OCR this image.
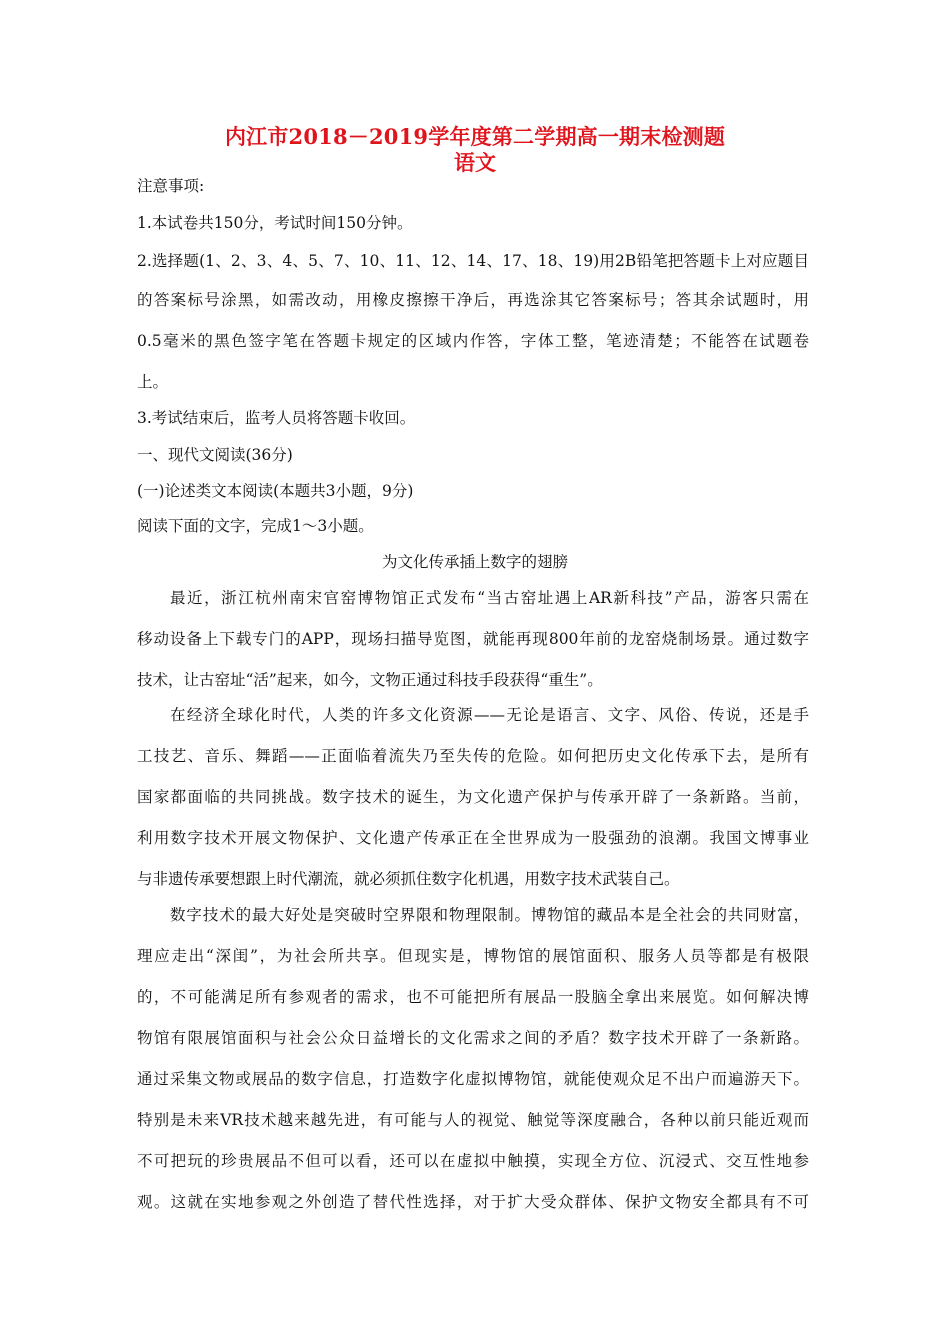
内江市2018－2019学年度第二学期高一期末检测题
语文
注意事项:
1.本试卷共150分，考试时间150分钟。
2.选择题(1、2、3、4、5、7、10、11、12、14、17、18、19)用2B铅笔把答题卡上对应题目
的答案标号涂黑，如需改动，用橡皮擦擦干净后，再选涂其它答案标号；答其余试题时，用
0.5毫米的黑色签字笔在答题卡规定的区域内作答，字体工整，笔迹清楚；不能答在试题卷
上。
3.考试结束后，监考人员将答题卡收回。
一、现代文阅读(36分)
(一)论述类文本阅读(本题共3小题，9分)
阅读下面的文字，完成1～3小题。
为文化传承插上数字的翅膀
最近，浙江杭州南宋官窑博物馆正式发布“当古窑址遇上AR新科技”产品，游客只需在
移动设备上下载专门的APP，现场扫描导览图，就能再现800年前的龙窑烧制场景。通过数字
技术，让古窑址“活”起来，如今，文物正通过科技手段获得“重生”。
在经济全球化时代，人类的许多文化资源——无论是语言、文字、风俗、传说，还是手
工技艺、音乐、舞蹈——正面临着流失乃至失传的危险。如何把历史文化传承下去，是所有
国家都面临的共同挑战。数字技术的诞生，为文化遗产保护与传承开辟了一条新路。当前，
利用数字技术开展文物保护、文化遗产传承正在全世界成为一股强劲的浪潮。我国文博事业
与非遗传承要想跟上时代潮流，就必须抓住数字化机遇，用数字技术武装自己。
数字技术的最大好处是突破时空界限和物理限制。博物馆的藏品本是全社会的共同财富，
理应走出“深闺”，为社会所共享。但现实是，博物馆的展馆面积、服务人员等都是有极限
的，不可能满足所有参观者的需求，也不可能把所有展品一股脑全拿出来展览。如何解决博
物馆有限展馆面积与社会公众日益增长的文化需求之间的矛盾？数字技术开辟了一条新路。
通过采集文物或展品的数字信息，打造数字化虚拟博物馆，就能使观众足不出户而遍游天下。
特别是未来VR技术越来越先进，有可能与人的视觉、触觉等深度融合，各种以前只能近观而
不可把玩的珍贵展品不但可以看，还可以在虚拟中触摸，实现全方位、沉浸式、交互性地参
观。这就在实地参观之外创造了替代性选择，对于扩大受众群体、保护文物安全都具有不可
